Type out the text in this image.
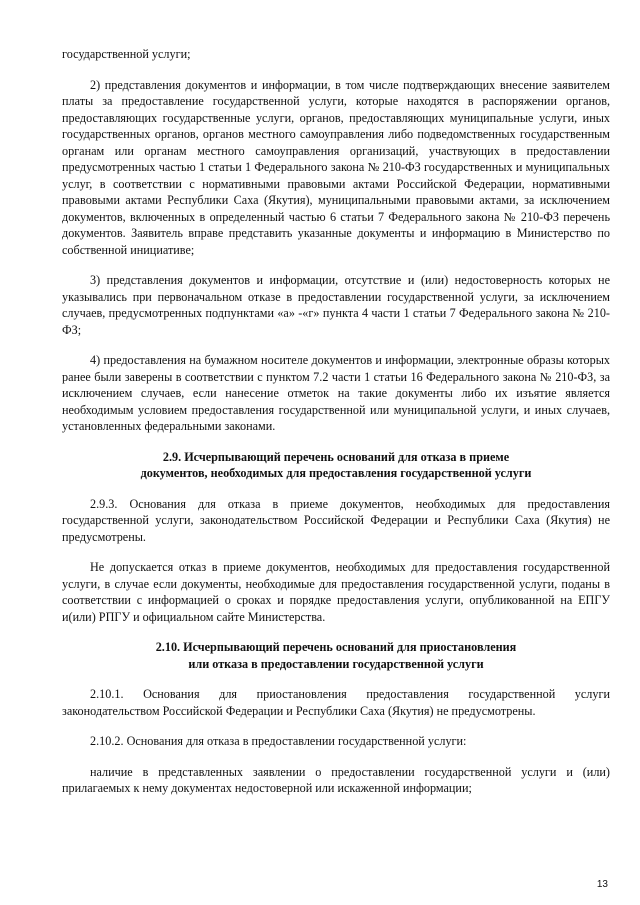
государственной услуги;

2) представления документов и информации, в том числе подтверждающих внесение заявителем платы за предоставление государственной услуги, которые находятся в распоряжении органов, предоставляющих государственные услуги, органов, предоставляющих муниципальные услуги, иных государственных органов, органов местного самоуправления либо подведомственных государственным органам или органам местного самоуправления организаций, участвующих в предоставлении предусмотренных частью 1 статьи 1 Федерального закона № 210-ФЗ государственных и муниципальных услуг, в соответствии с нормативными правовыми актами Российской Федерации, нормативными правовыми актами Республики Саха (Якутия), муниципальными правовыми актами, за исключением документов, включенных в определенный частью 6 статьи 7 Федерального закона № 210-ФЗ перечень документов. Заявитель вправе представить указанные документы и информацию в Министерство по собственной инициативе;

3) представления документов и информации, отсутствие и (или) недостоверность которых не указывались при первоначальном отказе в предоставлении государственной услуги, за исключением случаев, предусмотренных подпунктами «а» -«г» пункта 4 части 1 статьи 7 Федерального закона № 210-ФЗ;

4) предоставления на бумажном носителе документов и информации, электронные образы которых ранее были заверены в соответствии с пунктом 7.2 части 1 статьи 16 Федерального закона № 210-ФЗ, за исключением случаев, если нанесение отметок на такие документы либо их изъятие является необходимым условием предоставления государственной или муниципальной услуги, и иных случаев, установленных федеральными законами.

2.9. Исчерпывающий перечень оснований для отказа в приеме
документов, необходимых для предоставления государственной услуги

2.9.3. Основания для отказа в приеме документов, необходимых для предоставления государственной услуги, законодательством Российской Федерации и Республики Саха (Якутия) не предусмотрены.

Не допускается отказ в приеме документов, необходимых для предоставления государственной услуги, в случае если документы, необходимые для предоставления государственной услуги, поданы в соответствии с информацией о сроках и порядке предоставления услуги, опубликованной на ЕПГУ и(или) РПГУ и официальном сайте Министерства.

2.10. Исчерпывающий перечень оснований для приостановления
или отказа в предоставлении государственной услуги

2.10.1. Основания для приостановления предоставления государственной услуги законодательством Российской Федерации и Республики Саха (Якутия) не предусмотрены.

2.10.2. Основания для отказа в предоставлении государственной услуги:

наличие в представленных заявлении о предоставлении государственной услуги и (или) прилагаемых к нему документах недостоверной или искаженной информации;

13
